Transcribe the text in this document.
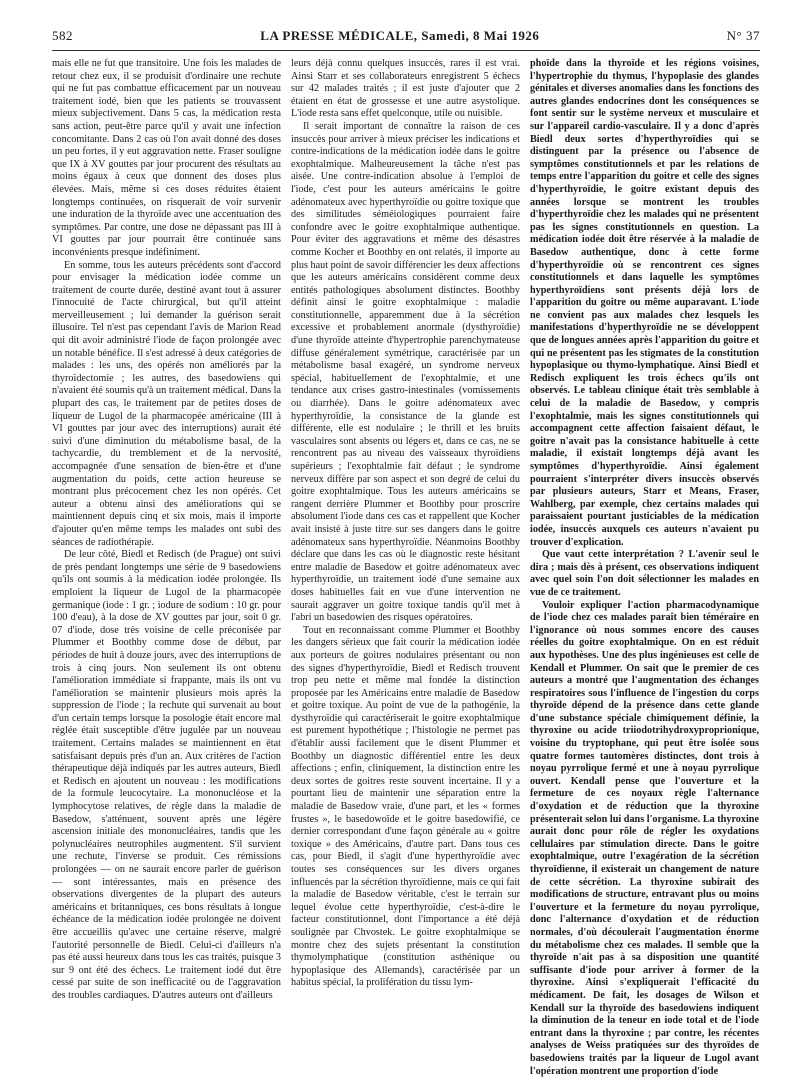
582	LA PRESSE MÉDICALE, Samedi, 8 Mai 1926	N° 37

mais elle ne fut que transitoire. Une fois les malades de retour chez eux, il se produisit d'ordinaire une rechute qui ne fut pas combattue efficacement par un nouveau traitement iodé, bien que les patients se trouvassent mieux subjectivement. Dans 5 cas, la médication resta sans action, peut-être parce qu'il y avait une infection concomitante. Dans 2 cas où l'on avait donné des doses un peu fortes, il y eut aggravation nette. Fraser souligne que IX à XV gouttes par jour procurent des résultats au moins égaux à ceux que donnent des doses plus élevées. Mais, même si ces doses réduites étaient longtemps continuées, on risquerait de voir survenir une induration de la thyroïde avec une accentuation des symptômes. Par contre, une dose ne dépassant pas III à VI gouttes par jour pourrait être continuée sans inconvénients presque indéfiniment.

En somme, tous les auteurs précédents sont d'accord pour envisager la médication iodée comme un traitement de courte durée, destiné avant tout à assurer l'innocuité de l'acte chirurgical, but qu'il atteint merveilleusement ; lui demander la guérison serait illusoire. Tel n'est pas cependant l'avis de Marion Read qui dit avoir administré l'iode de façon prolongée avec un notable bénéfice. Il s'est adressé à deux catégories de malades : les uns, des opérés non améliorés par la thyroïdectomie ; les autres, des basedowiens qui n'avaient été soumis qu'à un traitement médical. Dans la plupart des cas, le traitement par de petites doses de liqueur de Lugol de la pharmacopée américaine (III à VI gouttes par jour avec des interruptions) aurait été suivi d'une diminution du métabolisme basal, de la tachycardie, du tremblement et de la nervosité, accompagnée d'une sensation de bien-être et d'une augmentation du poids, cette action heureuse se montrant plus précocement chez les non opérés. Cet auteur a obtenu ainsi des améliorations qui se maintiennent depuis cinq et six mois, mais il importe d'ajouter qu'en même temps les malades ont subi des séances de radiothérapie.

De leur côté, Biedl et Redisch (de Prague) ont suivi de près pendant longtemps une série de 9 basedowiens qu'ils ont soumis à la médication iodée prolongée. Ils emploient la liqueur de Lugol de la pharmacopée germanique (iode : 1 gr. ; iodure de sodium : 10 gr. pour 100 d'eau), à la dose de XV gouttes par jour, soit 0 gr. 07 d'iode, dose très voisine de celle préconisée par Plummer et Boothby comme dose de début, par périodes de huit à douze jours, avec des interruptions de trois à cinq jours. Non seulement ils ont obtenu l'amélioration immédiate si frappante, mais ils ont vu l'amélioration se maintenir plusieurs mois après la suppression de l'iode ; la rechute qui survenait au bout d'un certain temps lorsque la posologie était encore mal réglée était susceptible d'être jugulée par un nouveau traitement. Certains malades se maintiennent en état satisfaisant depuis près d'un an. Aux critères de l'action thérapeutique déjà indiqués par les autres auteurs, Biedl et Redisch en ajoutent un nouveau : les modifications de la formule leucocytaire. La mononucléose et la lymphocytose relatives, de règle dans la maladie de Basedow, s'atténuent, souvent après une légère ascension initiale des mononucléaires, tandis que les polynucléaires neutrophiles augmentent. S'il survient une rechute, l'inverse se produit. Ces rémissions prolongées — on ne saurait encore parler de guérison — sont intéressantes, mais en présence des observations divergentes de la plupart des auteurs américains et britanniques, ces bons résultats à longue échéance de la médication iodée prolongée ne doivent être accueillis qu'avec une certaine réserve, malgré l'autorité personnelle de Biedl. Celui-ci d'ailleurs n'a pas été aussi heureux dans tous les cas traités, puisque 3 sur 9 ont été des échecs. Le traitement iodé dut être cessé par suite de son inefficacité ou de l'aggravation des troubles cardiaques. D'autres auteurs ont d'ailleurs

leurs déjà connu quelques insuccès, rares il est vrai. Ainsi Starr et ses collaborateurs enregistrent 5 échecs sur 42 malades traités ; il est juste d'ajouter que 2 étaient en état de grossesse et une autre asystolique. L'iode resta sans effet quelconque, utile ou nuisible.

Il serait important de connaître la raison de ces insuccès pour arriver à mieux préciser les indications et contre-indications de la médication iodée dans le goitre exophtalmique. Malheureusement la tâche n'est pas aisée. Une contre-indication absolue à l'emploi de l'iode, c'est pour les auteurs américains le goitre adénomateux avec hyperthyroïdie ou goitre toxique que des similitudes séméiologiques pourraient faire confondre avec le goitre exophtalmique authentique. Pour éviter des aggravations et même des désastres comme Kocher et Boothby en ont relatés, il importe au plus haut point de savoir différencier les deux affections que les auteurs américains considèrent comme deux entités pathologiques absolument distinctes. Boothby définit ainsi le goitre exophtalmique : maladie constitutionnelle, apparemment due à la sécrétion excessive et probablement anormale (dysthyroïdie) d'une thyroïde atteinte d'hypertrophie parenchymateuse diffuse généralement symétrique, caractérisée par un métabolisme basal exagéré, un syndrome nerveux spécial, habituellement de l'exophtalmie, et une tendance aux crises gastro-intestinales (vomissements ou diarrhée). Dans le goitre adénomateux avec hyperthyroïdie, la consistance de la glande est différente, elle est nodulaire ; le thrill et les bruits vasculaires sont absents ou légers et, dans ce cas, ne se rencontrent pas au niveau des vaisseaux thyroïdiens supérieurs ; l'exophtalmie fait défaut ; le syndrome nerveux diffère par son aspect et son degré de celui du goitre exophtalmique. Tous les auteurs américains se rangent derrière Plummer et Boothby pour proscrire absolument l'iode dans ces cas et rappellent que Kocher avait insisté à juste titre sur ses dangers dans le goitre adénomateux sans hyperthyroïdie. Néanmoins Boothby déclare que dans les cas où le diagnostic reste hésitant entre maladie de Basedow et goitre adénomateux avec hyperthyroïdie, un traitement iodé d'une semaine aux doses habituelles fait en vue d'une intervention ne saurait aggraver un goitre toxique tandis qu'il met à l'abri un basedowien des risques opératoires.

Tout en reconnaissant comme Plummer et Boothby les dangers sérieux que fait courir la médication iodée aux porteurs de goitres nodulaires présentant ou non des signes d'hyperthyroïdie, Biedl et Redisch trouvent trop peu nette et même mal fondée la distinction proposée par les Américains entre maladie de Basedow et goitre toxique. Au point de vue de la pathogénie, la dysthyroïdie qui caractériserait le goitre exophtalmique est purement hypothétique ; l'histologie ne permet pas d'établir aussi facilement que le disent Plummer et Boothby un diagnostic différentiel entre les deux affections ; enfin, cliniquement, la distinction entre les deux sortes de goitres reste souvent incertaine. Il y a pourtant lieu de maintenir une séparation entre la maladie de Basedow vraie, d'une part, et les « formes frustes », le basedowoïde et le goitre basedowifié, ce dernier correspondant d'une façon générale au « goitre toxique » des Américains, d'autre part. Dans tous ces cas, pour Biedl, il s'agit d'une hyperthyroïdie avec toutes ses conséquences sur les divers organes influencés par la sécrétion thyroïdienne, mais ce qui fait la maladie de Basedow véritable, c'est le terrain sur lequel évolue cette hyperthyroïdie, c'est-à-dire le facteur constitutionnel, dont l'importance a été déjà soulignée par Chvostek. Le goitre exophtalmique se montre chez des sujets présentant la constitution thymolymphatique (constitution asthénique ou hypoplasique des Allemands), caractérisée par un habitus spécial, la prolifération du tissu lym-

phoïde dans la thyroïde et les régions voisines, l'hypertrophie du thymus, l'hypoplasie des glandes génitales et diverses anomalies dans les fonctions des autres glandes endocrines dont les conséquences se font sentir sur le système nerveux et musculaire et sur l'appareil cardio-vasculaire. Il y a donc d'après Biedl deux sortes d'hyperthyroïdies qui se distinguent par la présence ou l'absence de symptômes constitutionnels et par les relations de temps entre l'apparition du goitre et celle des signes d'hyperthyroïdie, le goitre existant depuis des années lorsque se montrent les troubles d'hyperthyroïdie chez les malades qui ne présentent pas les signes constitutionnels en question. La médication iodée doit être réservée à la maladie de Basedow authentique, donc à cette forme d'hyperthyroïdie où se rencontrent ces signes constitutionnels et dans laquelle les symptômes hyperthyroïdiens sont présents déjà lors de l'apparition du goitre ou même auparavant. L'iode ne convient pas aux malades chez lesquels les manifestations d'hyperthyroïdie ne se développent que de longues années après l'apparition du goitre et qui ne présentent pas les stigmates de la constitution hypoplasique ou thymo-lymphatique. Ainsi Biedl et Redisch expliquent les trois échecs qu'ils ont observés. Le tableau clinique était très semblable à celui de la maladie de Basedow, y compris l'exophtalmie, mais les signes constitutionnels qui accompagnent cette affection faisaient défaut, le goitre n'avait pas la consistance habituelle à cette maladie, il existait longtemps déjà avant les symptômes d'hyperthyroïdie. Ainsi également pourraient s'interpréter divers insuccès observés par plusieurs auteurs, Starr et Means, Fraser, Wahlberg, par exemple, chez certains malades qui paraissaient pourtant justiciables de la médication iodée, insuccès auxquels ces auteurs n'avaient pu trouver d'explication.

Que vaut cette interprétation ? L'avenir seul le dira ; mais dès à présent, ces observations indiquent avec quel soin l'on doit sélectionner les malades en vue de ce traitement.

Vouloir expliquer l'action pharmacodynamique de l'iode chez ces malades paraît bien téméraire en l'ignorance où nous sommes encore des causes réelles du goitre exophtalmique. On en est réduit aux hypothèses. Une des plus ingénieuses est celle de Kendall et Plummer. On sait que le premier de ces auteurs a montré que l'augmentation des échanges respiratoires sous l'influence de l'ingestion du corps thyroïde dépend de la présence dans cette glande d'une substance spéciale chimiquement définie, la thyroxine ou acide triiodotrihydroxyproprionique, voisine du tryptophane, qui peut être isolée sous quatre formes tautomères distinctes, dont trois à noyau pyrrolique fermé et une à noyau pyrrolique ouvert. Kendall pense que l'ouverture et la fermeture de ces noyaux règle l'alternance d'oxydation et de réduction que la thyroxine présenterait selon lui dans l'organisme. La thyroxine aurait donc pour rôle de régler les oxydations cellulaires par stimulation directe. Dans le goitre exophtalmique, outre l'exagération de la sécrétion thyroïdienne, il existerait un changement de nature de cette sécrétion. La thyroxine subirait des modifications de structure, entravant plus ou moins l'ouverture et la fermeture du noyau pyrrolique, donc l'alternance d'oxydation et de réduction normales, d'où découlerait l'augmentation énorme du métabolisme chez ces malades. Il semble que la thyroïde n'ait pas à sa disposition une quantité suffisante d'iode pour arriver à former de la thyroxine. Ainsi s'expliquerait l'efficacité du médicament. De fait, les dosages de Wilson et Kendall sur la thyroïde des basedowiens indiquent la diminution de la teneur en iode total et de l'iode entrant dans la thyroxine ; par contre, les récentes analyses de Weiss pratiquées sur des thyroïdes de basedowiens traités par la liqueur de Lugol avant l'opération montrent une proportion d'iode
